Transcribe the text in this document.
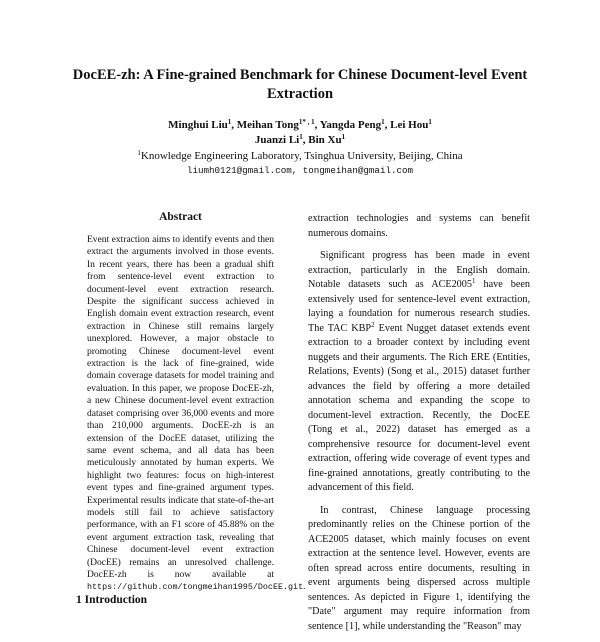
DocEE-zh: A Fine-grained Benchmark for Chinese Document-level Event Extraction
Minghui Liu$^1$, Meihan Tong$^{1* , 1}$, Yangda Peng$^1$, Lei Hou$^1$
Juanzi Li$^1$, Bin Xu$^1$
$^1$Knowledge Engineering Laboratory, Tsinghua University, Beijing, China
liumh0121@gmail.com, tongmeihan@gmail.com
Abstract

Event extraction aims to identify events and then extract the arguments involved in those events. In recent years, there has been a gradual shift from sentence-level event extraction to document-level event extraction research. Despite the significant success achieved in English domain event extraction research, event extraction in Chinese still remains largely unexplored. However, a major obstacle to promoting Chinese document-level event extraction is the lack of fine-grained, wide domain coverage datasets for model training and evaluation. In this paper, we propose DocEE-zh, a new Chinese document-level event extraction dataset comprising over 36,000 events and more than 210,000 arguments. DocEE-zh is an extension of the DocEE dataset, utilizing the same event schema, and all data has been meticulously annotated by human experts. We highlight two features: focus on high-interest event types and fine-grained argument types. Experimental results indicate that state-of-the-art models still fail to achieve satisfactory performance, with an F1 score of 45.88% on the event argument extraction task, revealing that Chinese document-level event extraction (DocEE) remains an unresolved challenge. DocEE-zh is now available at https://github.com/tongmeihan1995/DocEE.git.

extraction technologies and systems can benefit numerous domains.

Significant progress has been made in event extraction, particularly in the English domain. Notable datasets such as ACE2005$^1$ have been extensively used for sentence-level event extraction, laying a foundation for numerous research studies. The TAC KBP$^2$ Event Nugget dataset extends event extraction to a broader context by including event nuggets and their arguments. The Rich ERE (Entities, Relations, Events) (Song et al., 2015) dataset further advances the field by offering a more detailed annotation schema and expanding the scope to document-level extraction. Recently, the DocEE (Tong et al., 2022) dataset has emerged as a comprehensive resource for document-level event extraction, offering wide coverage of event types and fine-grained annotations, greatly contributing to the advancement of this field.

In contrast, Chinese language processing predominantly relies on the Chinese portion of the ACE2005 dataset, which mainly focuses on event extraction at the sentence level. However, events are often spread across entire documents, resulting in event arguments being dispersed across multiple sentences. As depicted in Figure 1, identifying the "Date" argument may require information from sentence [1], while understanding the "Reason" may

1 Introduction
